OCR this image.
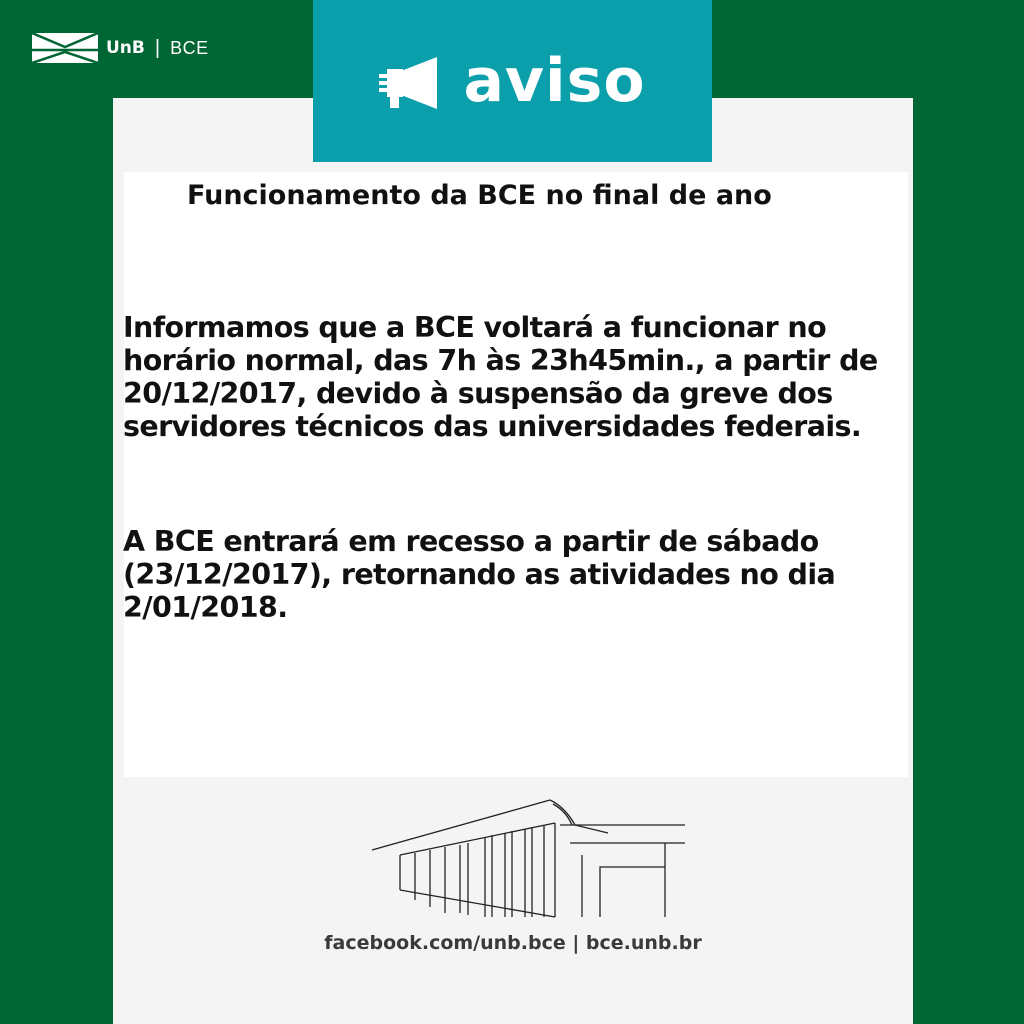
UnB | BCE	aviso
Funcionamento da BCE no final de ano

Informamos que a BCE voltará a funcionar no horário normal, das 7h às 23h45min., a partir de 20/12/2017, devido à suspensão da greve dos servidores técnicos das universidades federais.

A BCE entrará em recesso a partir de sábado (23/12/2017), retornando as atividades no dia 2/01/2018.

facebook.com/unb.bce | bce.unb.br
